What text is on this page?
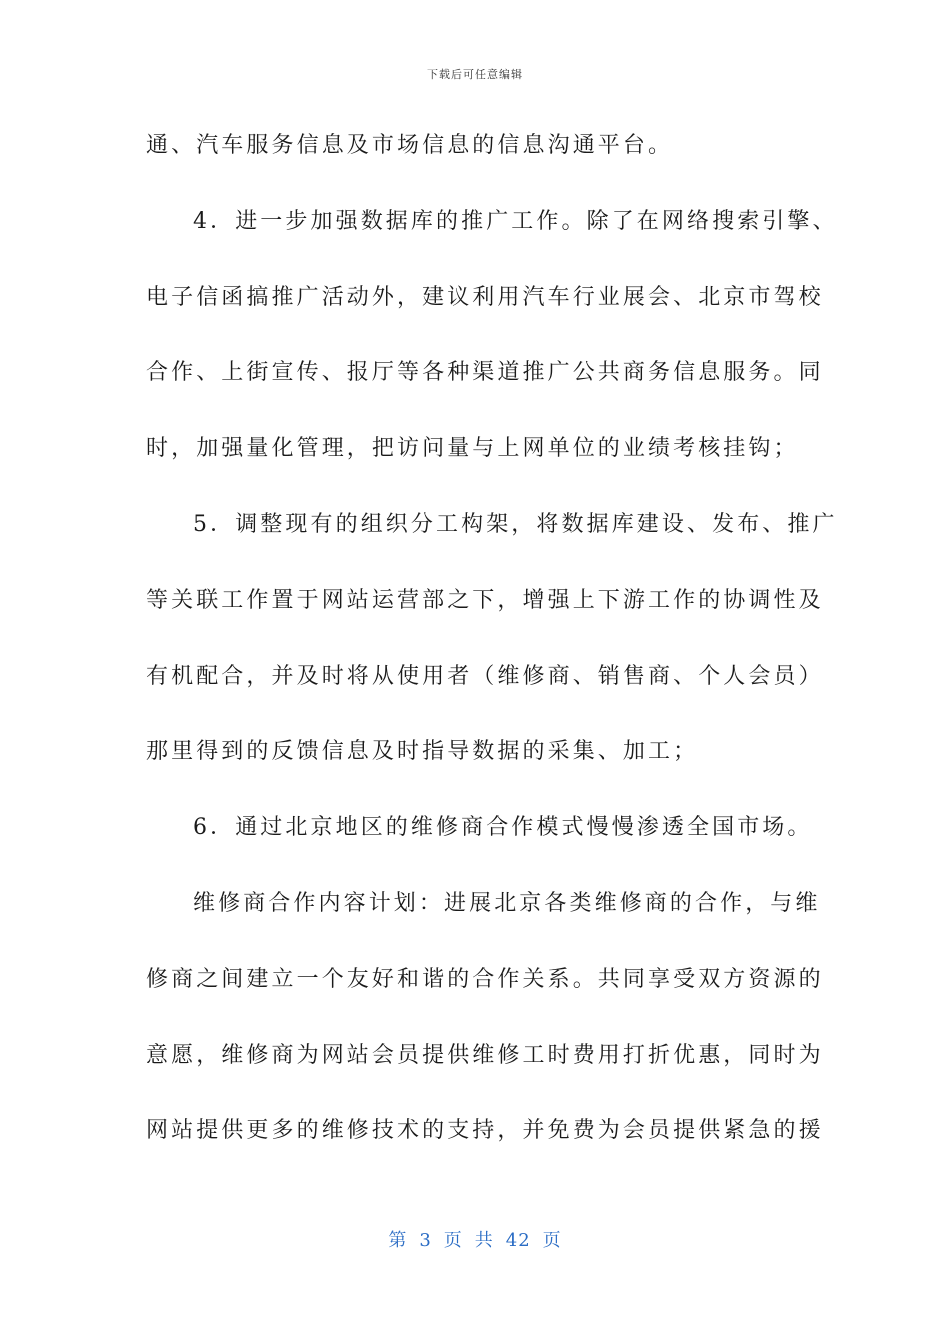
下载后可任意编辑
通、汽车服务信息及市场信息的信息沟通平台。
4．进一步加强数据库的推广工作。除了在网络搜索引擎、
电子信函搞推广活动外，建议利用汽车行业展会、北京市驾校
合作、上街宣传、报厅等各种渠道推广公共商务信息服务。同
时，加强量化管理，把访问量与上网单位的业绩考核挂钩；
5．调整现有的组织分工构架，将数据库建设、发布、推广
等关联工作置于网站运营部之下，增强上下游工作的协调性及
有机配合，并及时将从使用者（维修商、销售商、个人会员）
那里得到的反馈信息及时指导数据的采集、加工；
6．通过北京地区的维修商合作模式慢慢渗透全国市场。
维修商合作内容计划：进展北京各类维修商的合作，与维
修商之间建立一个友好和谐的合作关系。共同享受双方资源的
意愿，维修商为网站会员提供维修工时费用打折优惠，同时为
网站提供更多的维修技术的支持，并免费为会员提供紧急的援
第 3 页 共 42 页
